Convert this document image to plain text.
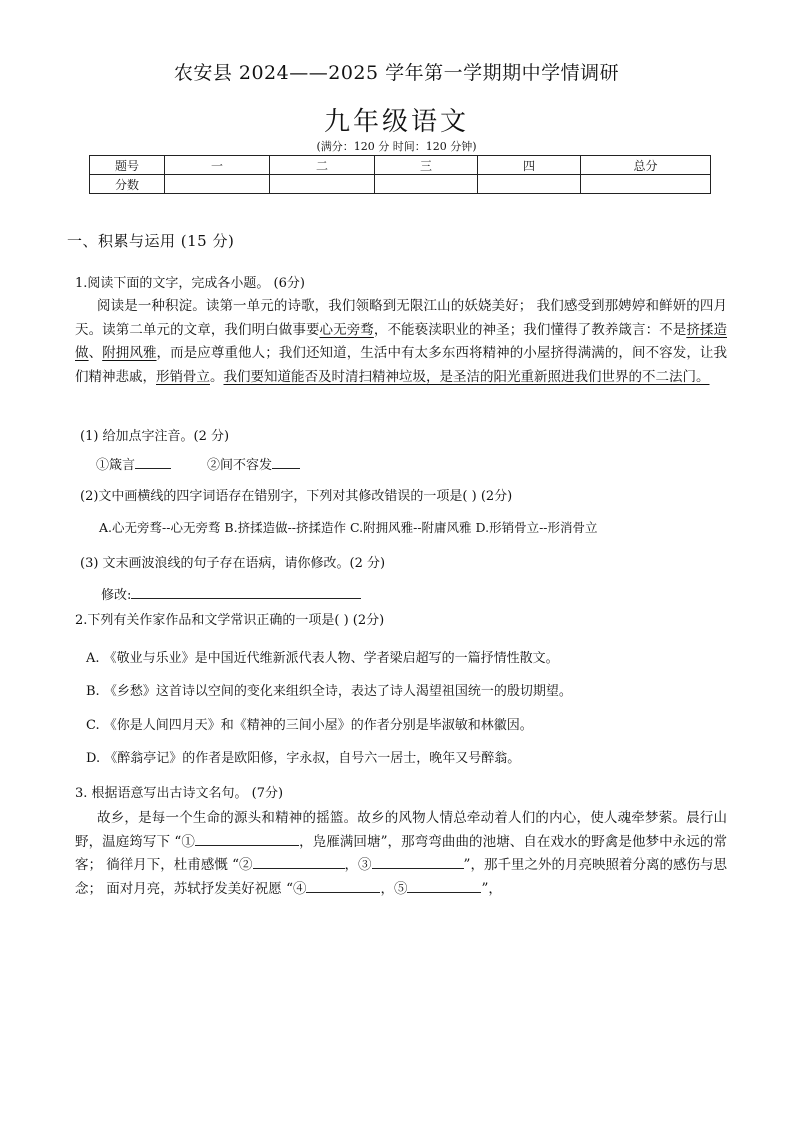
农安县 2024——2025 学年第一学期期中学情调研
九年级语文
(满分：120 分 时间：120 分钟)
题号	一	二	三	四	总分
分数					
一、积累与运用 (15 分)
1.阅读下面的文字，完成各小题。 (6分)
阅读是一种积淀。读第一单元的诗歌，我们领略到无限江山的妖娆美好； 我们感受到那娉婷和鲜妍的四月天。读第二单元的文章，我们明白做事要心无旁骛，不能亵渎职业的神圣；我们懂得了教养箴言：不是挤揉造做、附拥风雅，而是应尊重他人；我们还知道，生活中有太多东西将精神的小屋挤得满满的，间不容发，让我们精神悲戚，形销骨立。我们要知道能否及时清扫精神垃圾，是圣洁的阳光重新照进我们世界的不二法门。
(1) 给加点字注音。(2 分)
①箴言	②间不容发
(2)文中画横线的四字词语存在错别字，下列对其修改错误的一项是( ) (2分)
A.心无旁骛--心无旁骛 B.挤揉造做--挤揉造作 C.附拥风雅--附庸风雅 D.形销骨立--形消骨立
(3) 文末画波浪线的句子存在语病，请你修改。(2 分)
修改:
2.下列有关作家作品和文学常识正确的一项是( ) (2分)
A. 《敬业与乐业》是中国近代维新派代表人物、学者梁启超写的一篇抒情性散文。
B. 《乡愁》这首诗以空间的变化来组织全诗，表达了诗人渴望祖国统一的殷切期望。
C. 《你是人间四月天》和《精神的三间小屋》的作者分别是毕淑敏和林徽因。
D. 《醉翁亭记》的作者是欧阳修，字永叔，自号六一居士，晚年又号醉翁。
3. 根据语意写出古诗文名句。 (7分)
故乡，是每一个生命的源头和精神的摇篮。故乡的风物人情总牵动着人们的内心，使人魂牵梦萦。晨行山野，温庭筠写下 “①	，凫雁满回塘”，那弯弯曲曲的池塘、自在戏水的野禽是他梦中永远的常客； 徜徉月下，杜甫感慨 “②	，③	”，那千里之外的月亮映照着分离的感伤与思念； 面对月亮，苏轼抒发美好祝愿 “④	，⑤	”，
